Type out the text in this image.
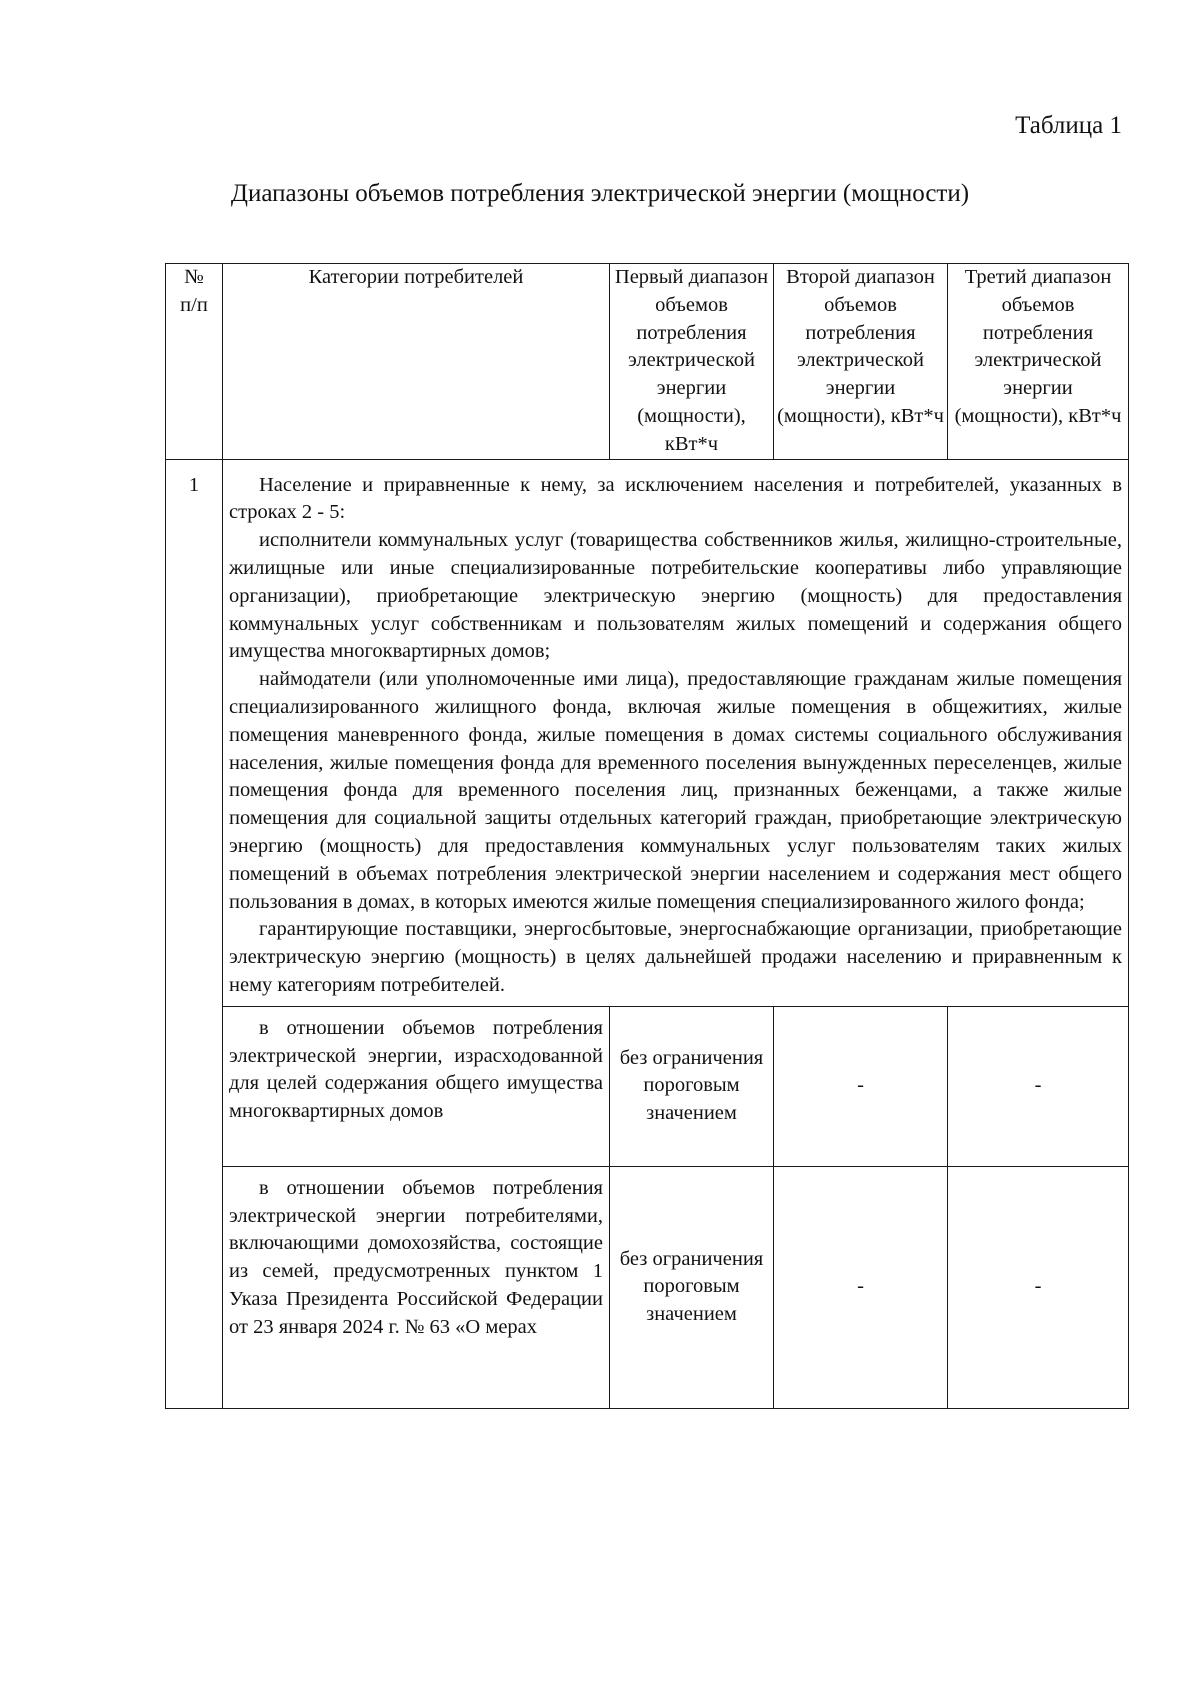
Таблица 1
Диапазоны объемов потребления электрической энергии (мощности)
№ п/п	Категории потребителей	Первый диапазон объемов потребления электрической энергии (мощности), кВт*ч	Второй диапазон объемов потребления электрической энергии (мощности), кВт*ч	Третий диапазон объемов потребления электрической энергии (мощности), кВт*ч
1	Население и приравненные к нему, за исключением населения и потребителей, указанных в строках 2 - 5:

исполнители коммунальных услуг (товарищества собственников жилья, жилищно-строительные, жилищные или иные специализированные потребительские кооперативы либо управляющие организации), приобретающие электрическую энергию (мощность) для предоставления коммунальных услуг собственникам и пользователям жилых помещений и содержания общего имущества многоквартирных домов;

наймодатели (или уполномоченные ими лица), предоставляющие гражданам жилые помещения специализированного жилищного фонда, включая жилые помещения в общежитиях, жилые помещения маневренного фонда, жилые помещения в домах системы социального обслуживания населения, жилые помещения фонда для временного поселения вынужденных переселенцев, жилые помещения фонда для временного поселения лиц, признанных беженцами, а также жилые помещения для социальной защиты отдельных категорий граждан, приобретающие электрическую энергию (мощность) для предоставления коммунальных услуг пользователям таких жилых помещений в объемах потребления электрической энергии населением и содержания мест общего пользования в домах, в которых имеются жилые помещения специализированного жилого фонда;

гарантирующие поставщики, энергосбытовые, энергоснабжающие организации, приобретающие электрическую энергию (мощность) в целях дальнейшей продажи населению и приравненным к нему категориям потребителей.			

	в отношении объемов потребления электрической энергии, израсходованной для целей содержания общего имущества многоквартирных домов	без ограничения пороговым значением	-	-

	в отношении объемов потребления электрической энергии потребителями, включающими домохозяйства, состоящие из семей, предусмотренных пунктом 1 Указа Президента Российской Федерации от 23 января 2024 г. № 63 «О мерах	без ограничения пороговым значением	-	-
